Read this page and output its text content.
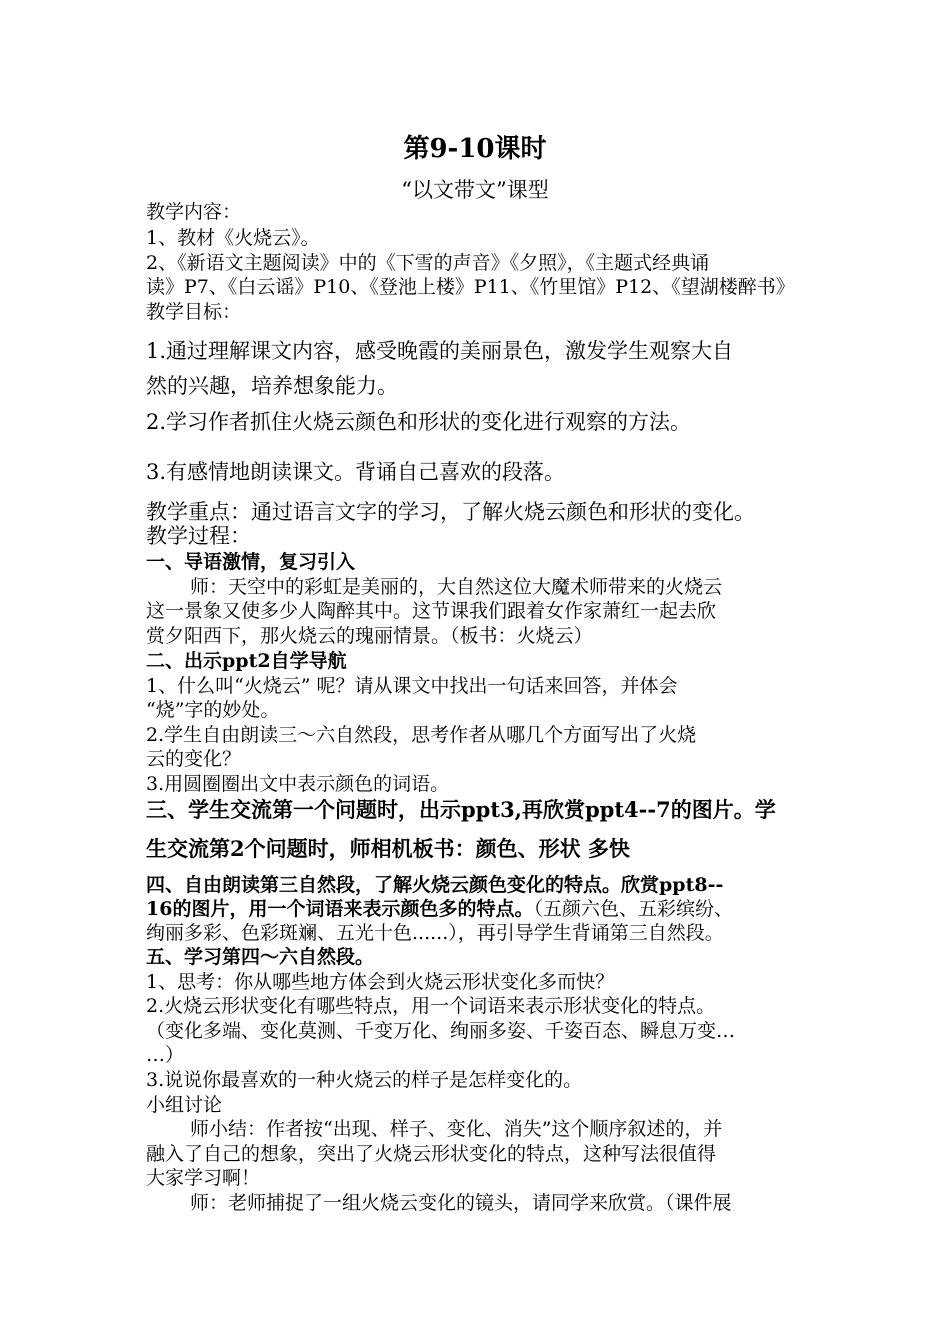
第9-10课时
“以文带文”课型
教学内容：
1、教材《火烧云》。
2、《新语文主题阅读》中的《下雪的声音》《夕照》，《主题式经典诵
读》P7、《白云谣》P10、《登池上楼》P11、《竹里馆》P12、《望湖楼醉书》
教学目标：
1.通过理解课文内容，感受晚霞的美丽景色，激发学生观察大自
然的兴趣，培养想象能力。
2.学习作者抓住火烧云颜色和形状的变化进行观察的方法。
3.有感情地朗读课文。背诵自己喜欢的段落。
教学重点：通过语言文字的学习，了解火烧云颜色和形状的变化。
教学过程：
一、导语激情，复习引入
师：天空中的彩虹是美丽的，大自然这位大魔术师带来的火烧云
这一景象又使多少人陶醉其中。这节课我们跟着女作家萧红一起去欣
赏夕阳西下，那火烧云的瑰丽情景。（板书：火烧云）
二、出示ppt2自学导航
1、什么叫“火烧云” 呢？请从课文中找出一句话来回答，并体会
“烧”字的妙处。
2.学生自由朗读三～六自然段，思考作者从哪几个方面写出了火烧
云的变化？
3.用圆圈圈出文中表示颜色的词语。
三、学生交流第一个问题时，出示ppt3,再欣赏ppt4--7的图片。学
生交流第2个问题时，师相机板书：颜色、形状 多快
四、自由朗读第三自然段，了解火烧云颜色变化的特点。欣赏ppt8--
16的图片，用一个词语来表示颜色多的特点。（五颜六色、五彩缤纷、
绚丽多彩、色彩斑斓、五光十色......），再引导学生背诵第三自然段。
五、学习第四～六自然段。
1、思考：你从哪些地方体会到火烧云形状变化多而快？
2.火烧云形状变化有哪些特点，用一个词语来表示形状变化的特点。
（变化多端、变化莫测、千变万化、绚丽多姿、千姿百态、瞬息万变…
…）
3.说说你最喜欢的一种火烧云的样子是怎样变化的。
小组讨论
师小结：作者按“出现、样子、变化、消失”这个顺序叙述的，并
融入了自己的想象，突出了火烧云形状变化的特点，这种写法很值得
大家学习啊！
师：老师捕捉了一组火烧云变化的镜头，请同学来欣赏。（课件展
